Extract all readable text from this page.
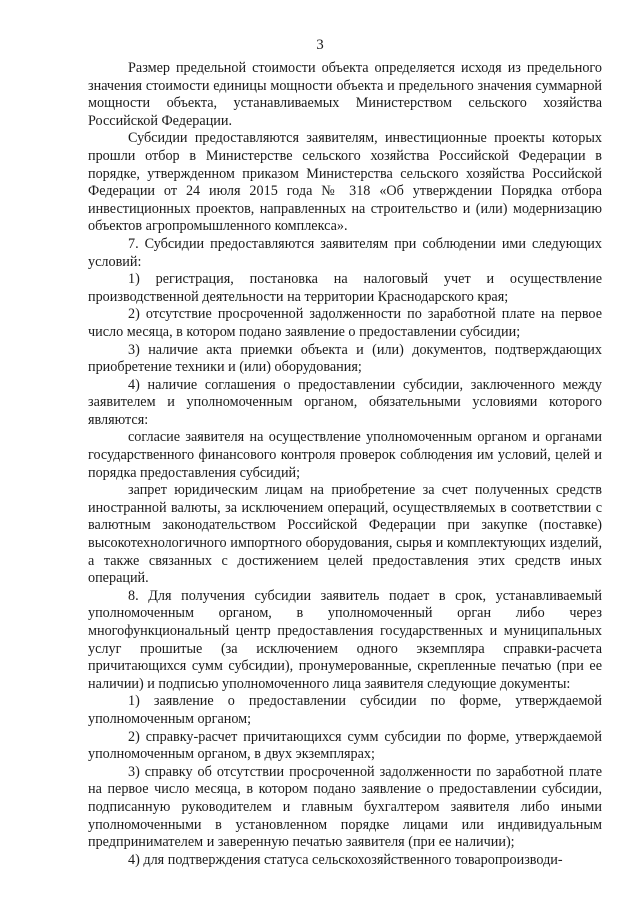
3

Размер предельной стоимости объекта определяется исходя из предельного значения стоимости единицы мощности объекта и предельного значения суммарной мощности объекта, устанавливаемых Министерством сельского хозяйства Российской Федерации.

Субсидии предоставляются заявителям, инвестиционные проекты которых прошли отбор в Министерстве сельского хозяйства Российской Федерации в порядке, утвержденном приказом Министерства сельского хозяйства Российской Федерации от 24 июля 2015 года № 318 «Об утверждении Порядка отбора инвестиционных проектов, направленных на строительство и (или) модернизацию объектов агропромышленного комплекса».

7. Субсидии предоставляются заявителям при соблюдении ими следующих условий:

1) регистрация, постановка на налоговый учет и осуществление производственной деятельности на территории Краснодарского края;

2) отсутствие просроченной задолженности по заработной плате на первое число месяца, в котором подано заявление о предоставлении субсидии;

3) наличие акта приемки объекта и (или) документов, подтверждающих приобретение техники и (или) оборудования;

4) наличие соглашения о предоставлении субсидии, заключенного между заявителем и уполномоченным органом, обязательными условиями которого являются:

согласие заявителя на осуществление уполномоченным органом и органами государственного финансового контроля проверок соблюдения им условий, целей и порядка предоставления субсидий;

запрет юридическим лицам на приобретение за счет полученных средств иностранной валюты, за исключением операций, осуществляемых в соответствии с валютным законодательством Российской Федерации при закупке (поставке) высокотехнологичного импортного оборудования, сырья и комплектующих изделий, а также связанных с достижением целей предоставления этих средств иных операций.

8. Для получения субсидии заявитель подает в срок, устанавливаемый уполномоченным органом, в уполномоченный орган либо через многофункциональный центр предоставления государственных и муниципальных услуг прошитые (за исключением одного экземпляра справки-расчета причитающихся сумм субсидии), пронумерованные, скрепленные печатью (при ее наличии) и подписью уполномоченного лица заявителя следующие документы:

1) заявление о предоставлении субсидии по форме, утверждаемой уполномоченным органом;

2) справку-расчет причитающихся сумм субсидии по форме, утверждаемой уполномоченным органом, в двух экземплярах;

3) справку об отсутствии просроченной задолженности по заработной плате на первое число месяца, в котором подано заявление о предоставлении субсидии, подписанную руководителем и главным бухгалтером заявителя либо иными уполномоченными в установленном порядке лицами или индивидуальным предпринимателем и заверенную печатью заявителя (при ее наличии);

4) для подтверждения статуса сельскохозяйственного товаропроизводи-
